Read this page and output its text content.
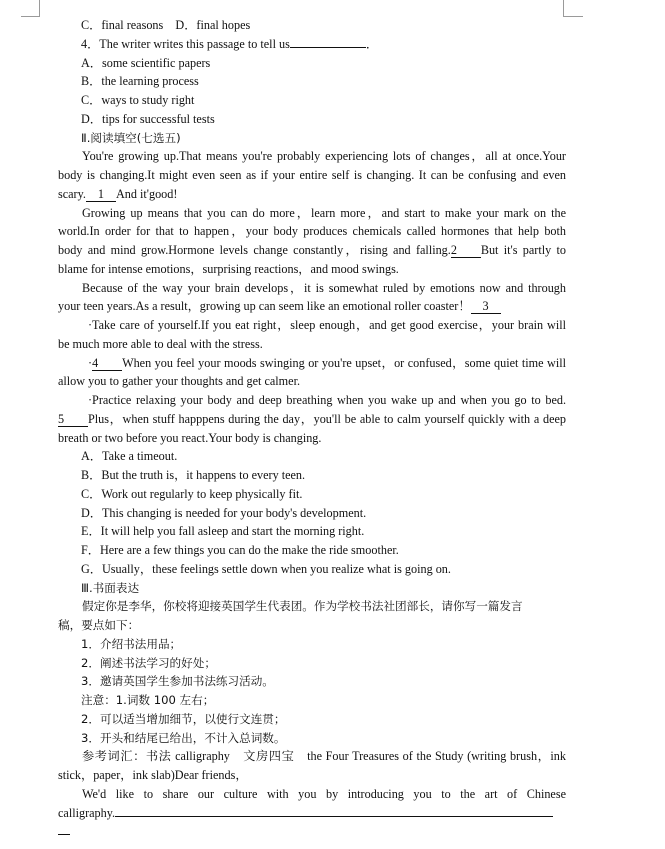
C．final reasons　D．final hopes
4．The writer writes this passage to tell us	．
A．some scientific papers
B．the learning process
C．ways to study right
D．tips for successful tests
Ⅱ.阅读填空(七选五)
You're growing up.That means you're probably experiencing lots of changes，all at once.Your
body is changing.It might even seen as if your entire self is changing. It can be confusing and even
scary. 1 And it'good!
Growing up means that you can do more，learn more，and start to make your mark on the
world.In order for that to happen，your body produces chemicals called hormones that help both
body and mind grow.Hormone levels change constantly，rising and falling.2 But it's partly to
blame for intense emotions，surprising reactions，and mood swings.
Because of the way your brain develops，it is somewhat ruled by emotions now and through
your teen years.As a result，growing up can seem like an emotional roller coaster！ 3
·Take care of yourself.If you eat right，sleep enough，and get good exercise，your brain will
be much more able to deal with the stress.
·4 When you feel your moods swinging or you're upset，or confused，some quiet time will
allow you to gather your thoughts and get calmer.
·Practice relaxing your body and deep breathing when you wake up and when you go to bed.
5 Plus，when stuff happpens during the day，you'll be able to calm yourself quickly with a deep
breath or two before you react.Your body is changing.
A．Take a timeout.
B．But the truth is，it happens to every teen.
C．Work out regularly to keep physically fit.
D．This changing is needed for your body's development.
E．It will help you fall asleep and start the morning right.
F．Here are a few things you can do the make the ride smoother.
G．Usually，these feelings settle down when you realize what is going on.
Ⅲ.书面表达
假定你是李华，你校将迎接英国学生代表团。作为学校书法社团部长，请你写一篇发言
稿，要点如下：
1．介绍书法用品；
2．阐述书法学习的好处；
3．邀请英国学生参加书法练习活动。
注意：1.词数 100 左右；
2．可以适当增加细节，以使行文连贯；
3．开头和结尾已给出，不计入总词数。
参考词汇：书法 calligraphy　文房四宝　the Four Treasures of the Study (writing brush，ink
stick，paper，ink slab)Dear friends，
We'd like to share our culture with you by introducing you to the art of Chinese
calligraphy.
